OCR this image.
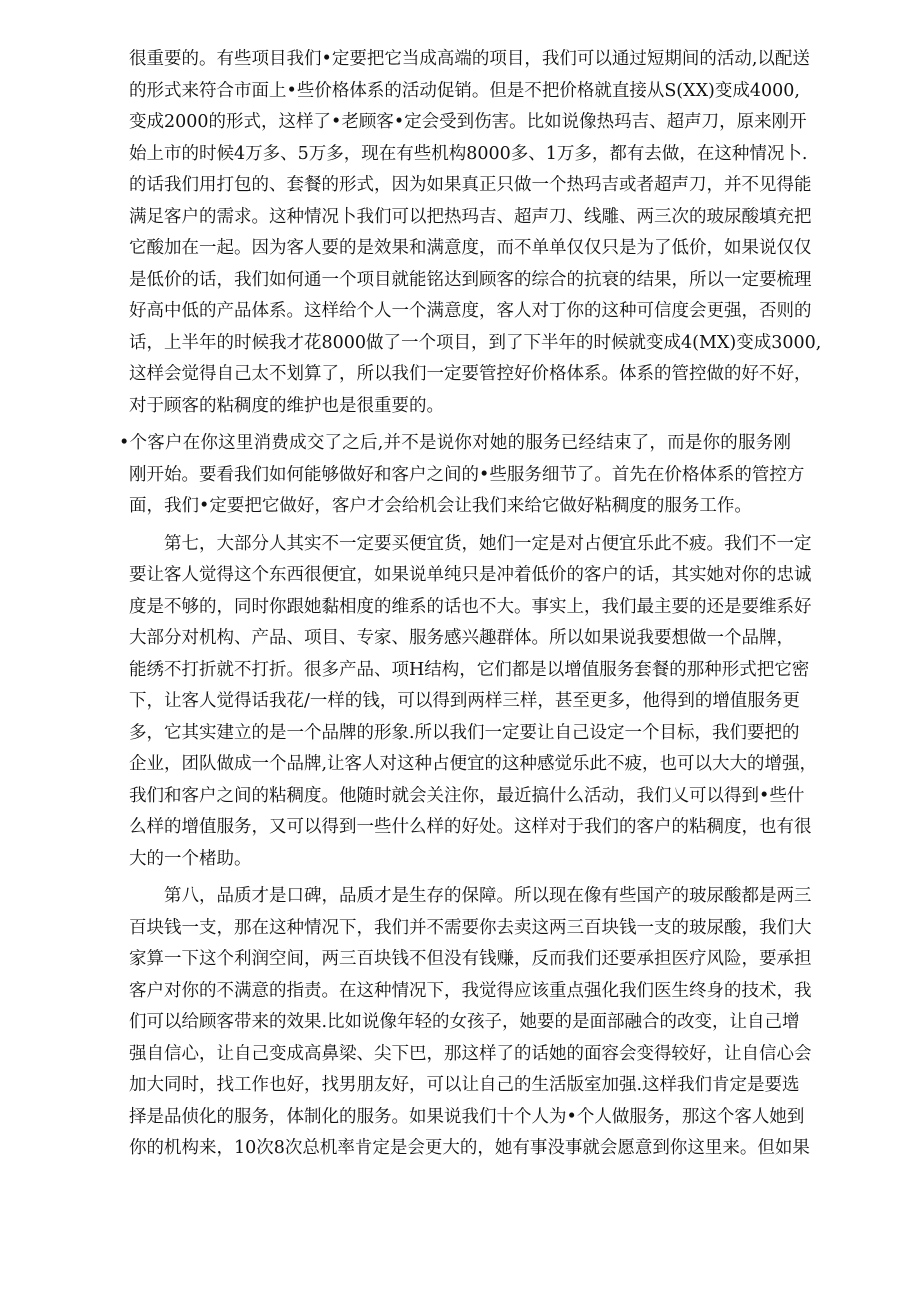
很重要的。有些项目我们•定要把它当成高端的项目，我们可以通过短期间的活动,以配送
的形式来符合市面上•些价格体系的活动促销。但是不把价格就直接从S(XX)变成4000,
变成2000的形式，这样了•老顾客•定会受到伤害。比如说像热玛吉、超声刀，原来刚开
始上市的时候4万多、5万多，现在有些机构8000多、1万多，都有去做，在这种情况卜.
的话我们用打包的、套餐的形式，因为如果真正只做一个热玛吉或者超声刀，并不见得能
满足客户的需求。这种情况卜我们可以把热玛吉、超声刀、线雕、两三次的玻尿酸填充把
它酸加在一起。因为客人要的是效果和满意度，而不单单仅仅只是为了低价，如果说仅仅
是低价的话，我们如何通一个项目就能铭达到顾客的综合的抗衰的结果，所以一定要梳理
好高中低的产品体系。这样给个人一个满意度，客人对丁你的这种可信度会更强，否则的
话，上半年的时候我才花8000做了一个项目，到了下半年的时候就变成4(MX)变成3000,
这样会觉得自己太不划算了，所以我们一定要管控好价格体系。体系的管控做的好不好，
对于顾客的粘稠度的维护也是很重要的。
•个客户在你这里消费成交了之后,并不是说你对她的服务已经结束了，而是你的服务刚
刚开始。要看我们如何能够做好和客户之间的•些服务细节了。首先在价格体系的管控方
面，我们•定要把它做好，客户才会给机会让我们来给它做好粘稠度的服务工作。
第七，大部分人其实不一定要买便宜货，她们一定是对占便宜乐此不疲。我们不一定
要让客人觉得这个东西很便宜，如果说单纯只是冲着低价的客户的话，其实她对你的忠诚
度是不够的，同时你跟她黏相度的维系的话也不大。事实上，我们最主要的还是要维系好
大部分对机构、产品、项目、专家、服务感兴趣群体。所以如果说我要想做一个品牌，
能绣不打折就不打折。很多产品、项H结构，它们都是以增值服务套餐的那种形式把它密
下，让客人觉得话我花/一样的钱，可以得到两样三样，甚至更多，他得到的增值服务更
多，它其实建立的是一个品牌的形象.所以我们一定要让自己设定一个目标，我们要把的
企业，团队做成一个品牌,让客人对这种占便宜的这种感觉乐此不疲，也可以大大的增强，
我们和客户之间的粘稠度。他随时就会关注你，最近搞什么活动，我们乂可以得到•些什
么样的增值服务，又可以得到一些什么样的好处。这样对于我们的客户的粘稠度，也有很
大的一个楮助。
第八，品质才是口碑，品质才是生存的保障。所以现在像有些国产的玻尿酸都是两三
百块钱一支，那在这种情况下，我们并不需要你去卖这两三百块钱一支的玻尿酸，我们大
家算一下这个利润空间，两三百块钱不但没有钱赚，反而我们还要承担医疗风险，要承担
客户对你的不满意的指责。在这种情况下，我觉得应该重点强化我们医生终身的技术，我
们可以给顾客带来的效果.比如说像年轻的女孩子，她要的是面部融合的改变，让自己增
强自信心，让自己变成高鼻梁、尖下巴，那这样了的话她的面容会变得较好，让自信心会
加大同时，找工作也好，找男朋友好，可以让自己的生活版室加强.这样我们肯定是要选
择是品侦化的服务，体制化的服务。如果说我们十个人为•个人做服务，那这个客人她到
你的机构来，10次8次总机率肯定是会更大的，她有事没事就会愿意到你这里来。但如果
